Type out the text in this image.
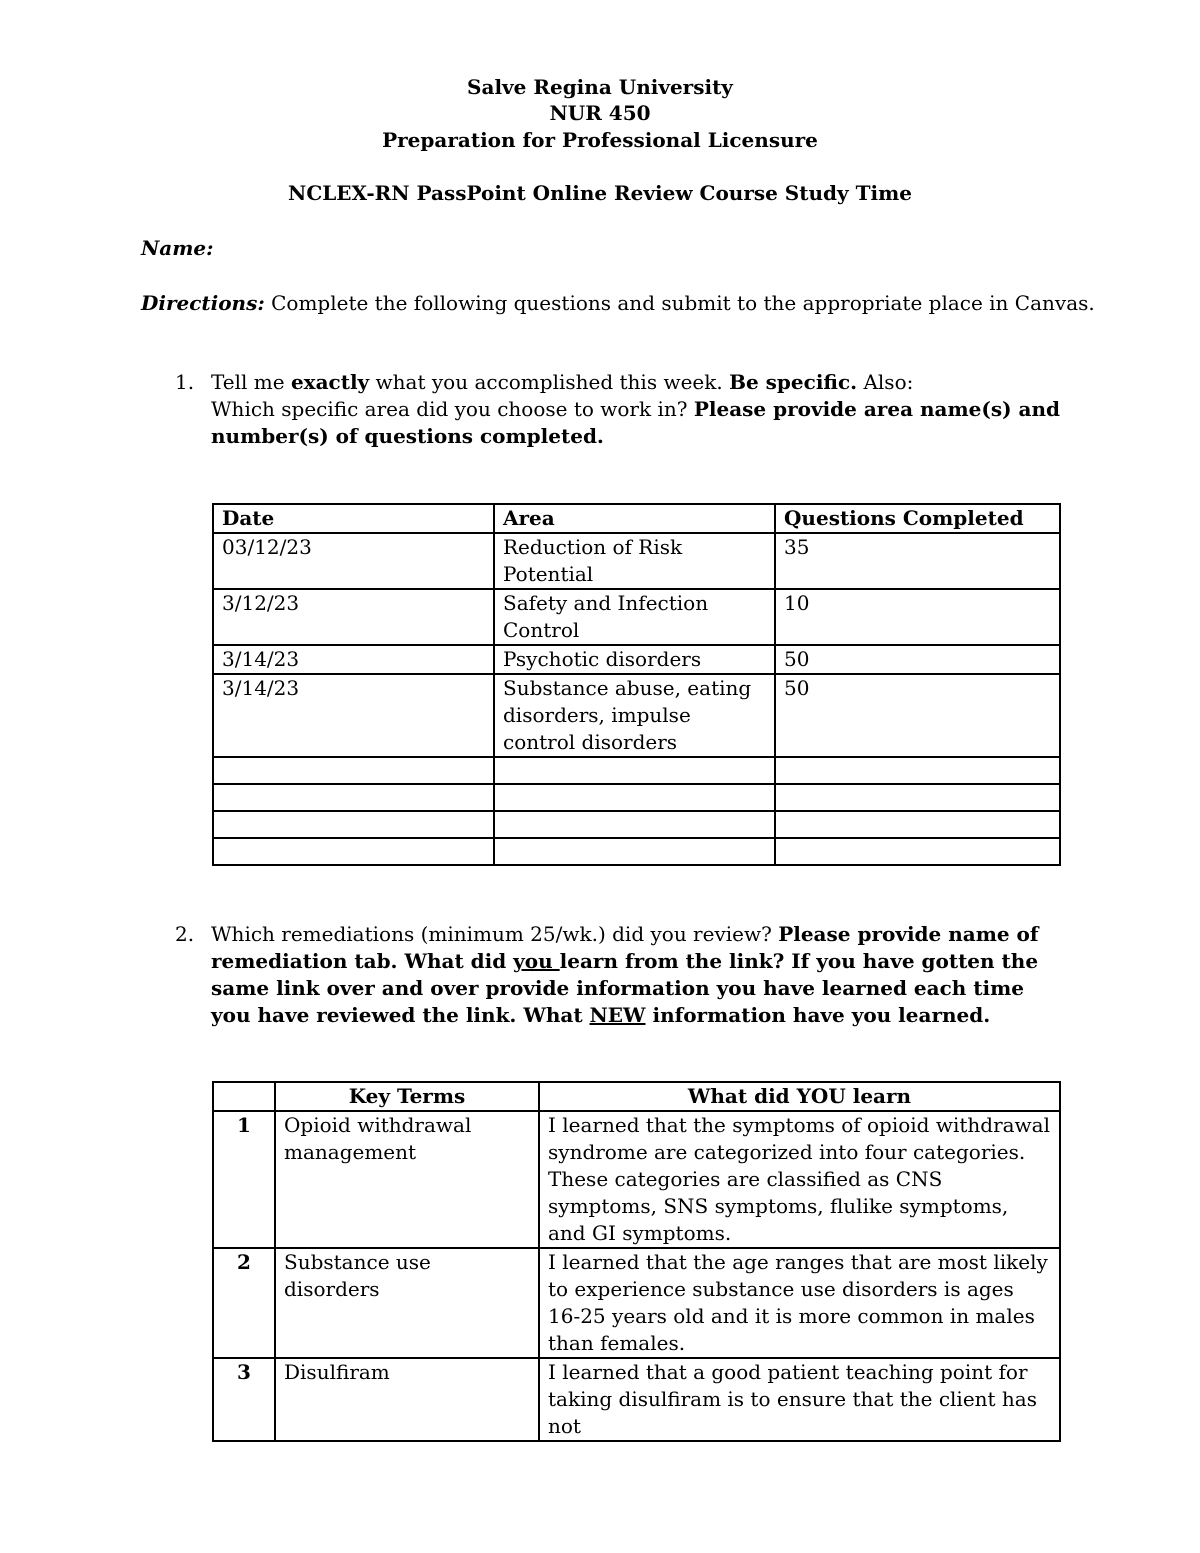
Salve Regina University
NUR 450
Preparation for Professional Licensure
NCLEX-RN PassPoint Online Review Course Study Time
Name:
Directions: Complete the following questions and submit to the appropriate place in Canvas.
1. Tell me exactly what you accomplished this week. Be specific. Also:
Which specific area did you choose to work in? Please provide area name(s) and number(s) of questions completed.
Date	Area	Questions Completed
03/12/23	Reduction of Risk Potential	35
3/12/23	Safety and Infection Control	10
3/14/23	Psychotic disorders	50
3/14/23	Substance abuse, eating disorders, impulse control disorders	50

2. Which remediations (minimum 25/wk.) did you review? Please provide name of remediation tab. What did you learn from the link? If you have gotten the same link over and over provide information you have learned each time you have reviewed the link. What NEW information have you learned.
	Key Terms	What did YOU learn
1	Opioid withdrawal management	I learned that the symptoms of opioid withdrawal syndrome are categorized into four categories. These categories are classified as CNS symptoms, SNS symptoms, flulike symptoms, and GI symptoms.
2	Substance use disorders	I learned that the age ranges that are most likely to experience substance use disorders is ages 16-25 years old and it is more common in males than females.
3	Disulfiram	I learned that a good patient teaching point for taking disulfiram is to ensure that the client has not
